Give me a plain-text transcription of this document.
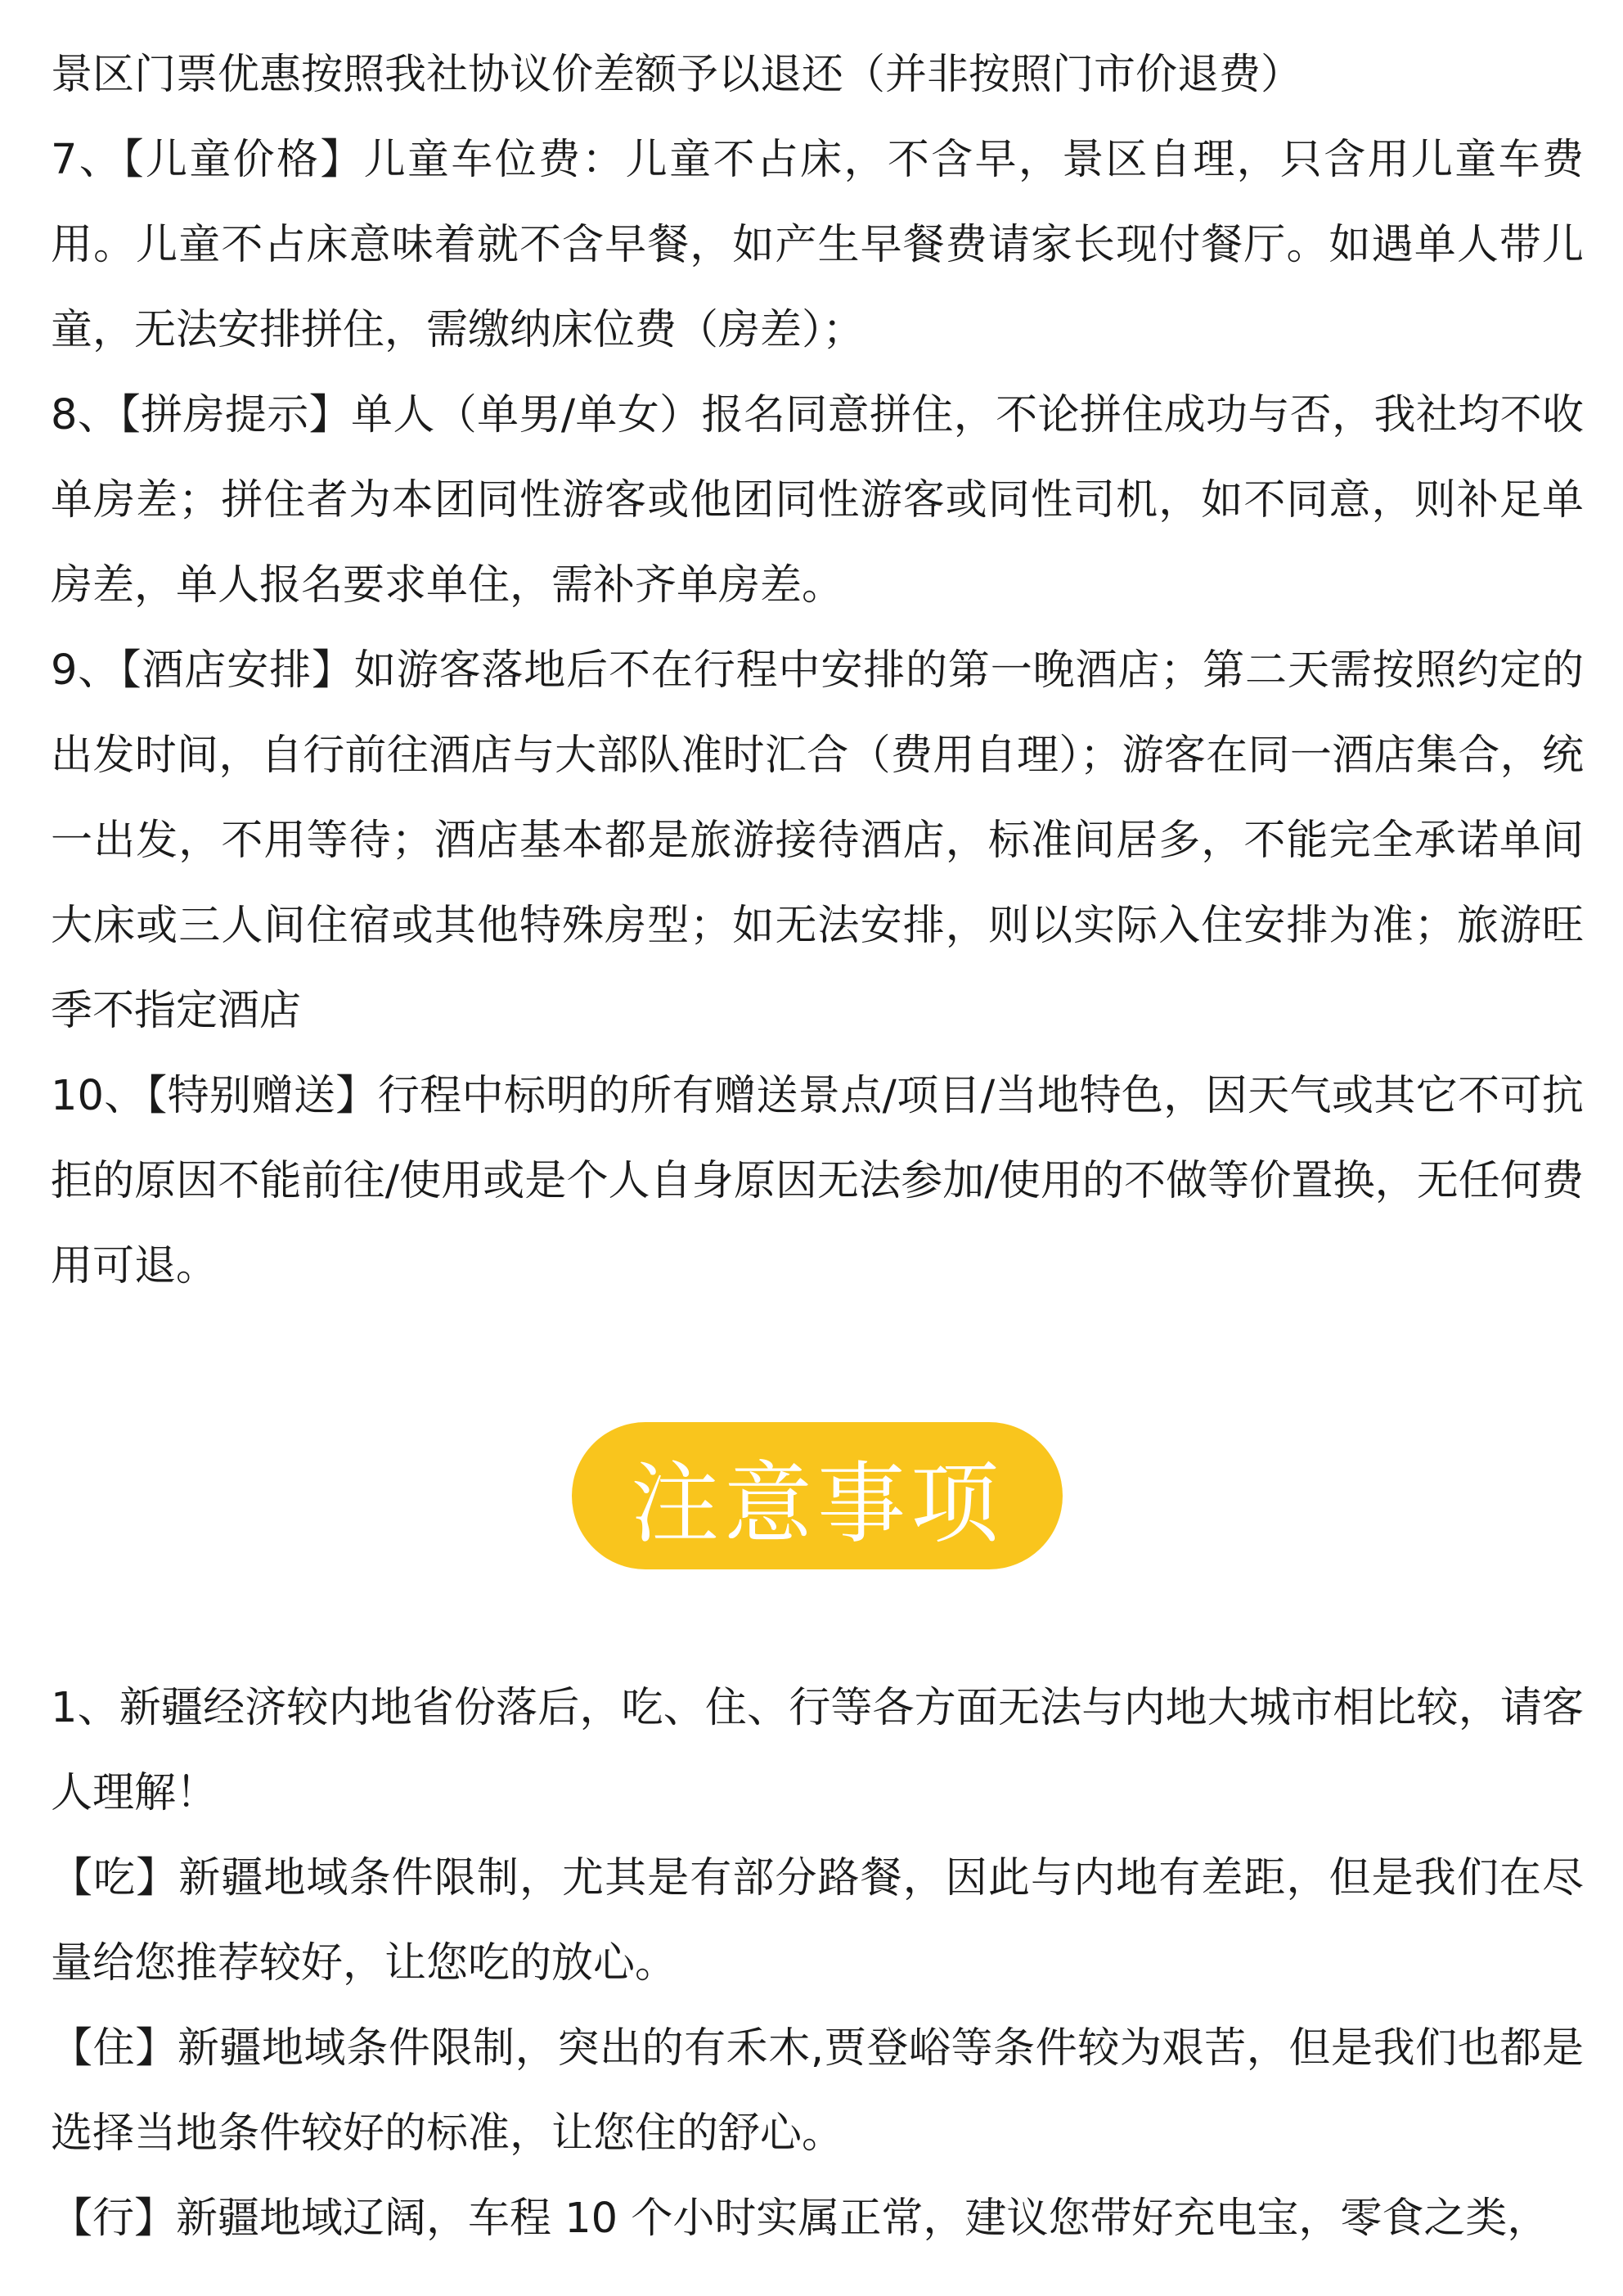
景区门票优惠按照我社协议价差额予以退还（并非按照门市价退费）

7、【儿童价格】儿童车位费：儿童不占床，不含早，景区自理，只含用儿童车费用。儿童不占床意味着就不含早餐，如产生早餐费请家长现付餐厅。如遇单人带儿童，无法安排拼住，需缴纳床位费（房差）；

8、【拼房提示】单人（单男/单女）报名同意拼住，不论拼住成功与否，我社均不收单房差；拼住者为本团同性游客或他团同性游客或同性司机，如不同意，则补足单房差，单人报名要求单住，需补齐单房差。

9、【酒店安排】如游客落地后不在行程中安排的第一晚酒店；第二天需按照约定的出发时间，自行前往酒店与大部队准时汇合（费用自理）；游客在同一酒店集合，统一出发，不用等待；酒店基本都是旅游接待酒店，标准间居多，不能完全承诺单间大床或三人间住宿或其他特殊房型；如无法安排，则以实际入住安排为准；旅游旺季不指定酒店

10、【特别赠送】行程中标明的所有赠送景点/项目/当地特色，因天气或其它不可抗拒的原因不能前往/使用或是个人自身原因无法参加/使用的不做等价置换，无任何费用可退。

注意事项

1、新疆经济较内地省份落后，吃、住、行等各方面无法与内地大城市相比较，请客人理解！

【吃】新疆地域条件限制，尤其是有部分路餐，因此与内地有差距，但是我们在尽量给您推荐较好，让您吃的放心。

【住】新疆地域条件限制，突出的有禾木,贾登峪等条件较为艰苦，但是我们也都是选择当地条件较好的标准，让您住的舒心。

【行】新疆地域辽阔，车程 10 个小时实属正常，建议您带好充电宝，零食之类，
